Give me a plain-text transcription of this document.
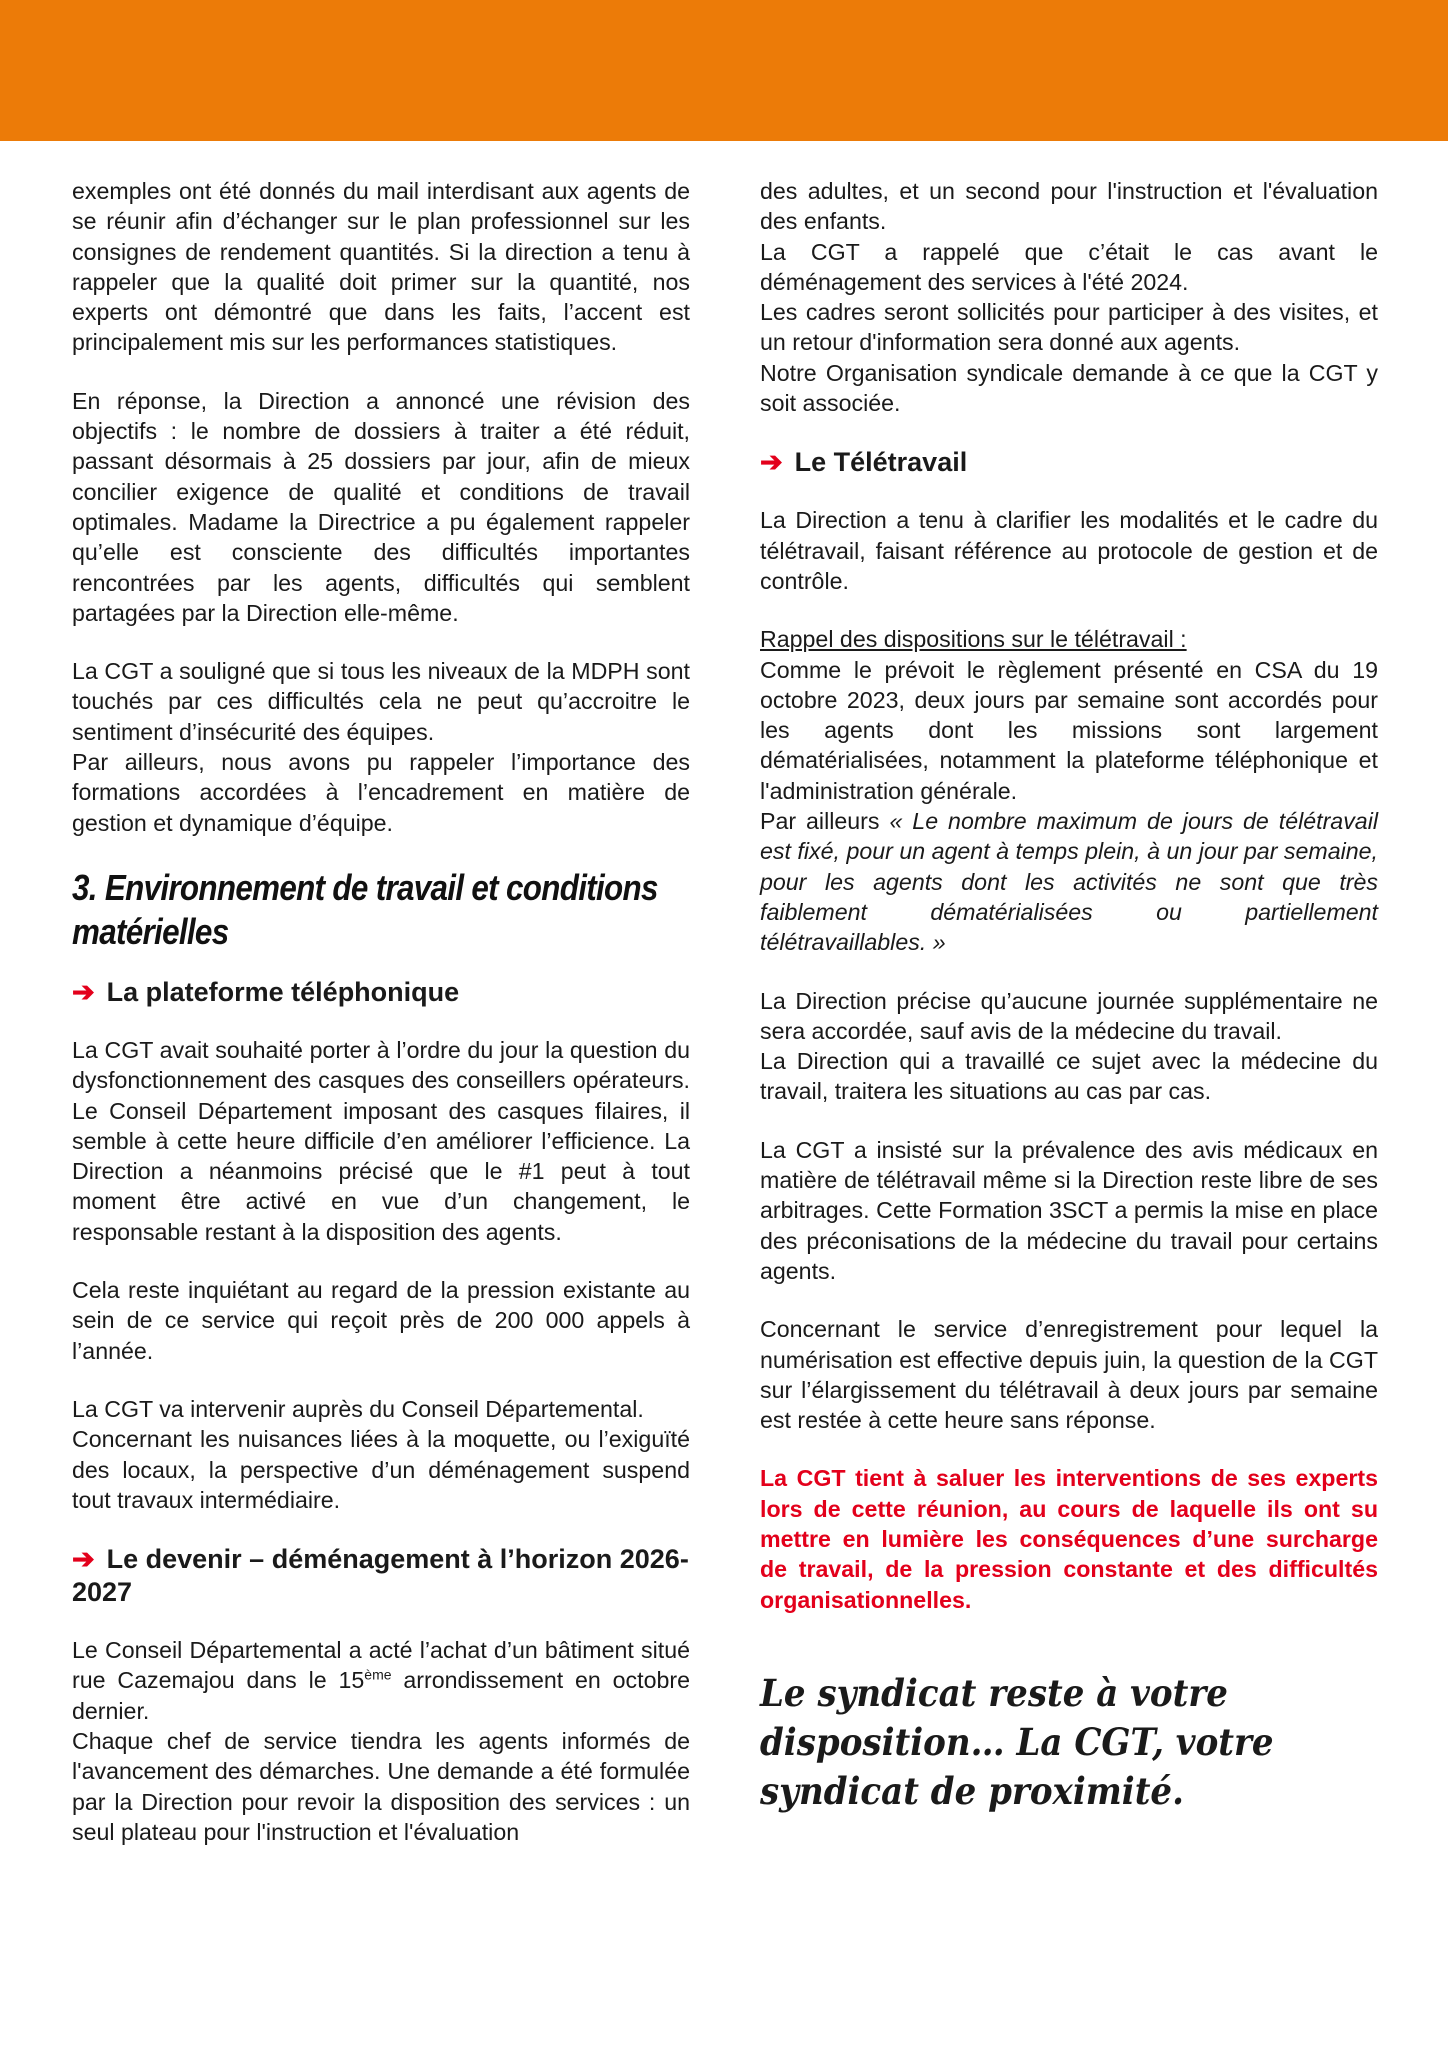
exemples ont été donnés du mail interdisant aux agents de se réunir afin d’échanger sur le plan professionnel sur les consignes de rendement quantités. Si la direction a tenu à rappeler que la qualité doit primer sur la quantité, nos experts ont démontré que dans les faits, l’accent est principalement mis sur les performances statistiques.

En réponse, la Direction a annoncé une révision des objectifs : le nombre de dossiers à traiter a été réduit, passant désormais à 25 dossiers par jour, afin de mieux concilier exigence de qualité et conditions de travail optimales. Madame la Directrice a pu également rappeler qu’elle est consciente des difficultés importantes rencontrées par les agents, difficultés qui semblent partagées par la Direction elle-même.

La CGT a souligné que si tous les niveaux de la MDPH sont touchés par ces difficultés cela ne peut qu’accroitre le sentiment d’insécurité des équipes.
Par ailleurs, nous avons pu rappeler l’importance des formations accordées à l’encadrement en matière de gestion et dynamique d’équipe.

3. Environnement de travail et conditions matérielles
➔ La plateforme téléphonique

La CGT avait souhaité porter à l’ordre du jour la question du dysfonctionnement des casques des conseillers opérateurs. Le Conseil Département imposant des casques filaires, il semble à cette heure difficile d’en améliorer l’efficience. La Direction a néanmoins précisé que le #1 peut à tout moment être activé en vue d’un changement, le responsable restant à la disposition des agents.

Cela reste inquiétant au regard de la pression existante au sein de ce service qui reçoit près de 200 000 appels à l’année.

La CGT va intervenir auprès du Conseil Départemental.
Concernant les nuisances liées à la moquette, ou l’exiguïté des locaux, la perspective d’un déménagement suspend tout travaux intermédiaire.

➔ Le devenir – déménagement à l’horizon 2026-2027

Le Conseil Départemental a acté l’achat d’un bâtiment situé rue Cazemajou dans le 15ème arrondissement en octobre dernier.

Chaque chef de service tiendra les agents informés de l'avancement des démarches. Une demande a été formulée par la Direction pour revoir la disposition des services : un seul plateau pour l'instruction et l'évaluation

des adultes, et un second pour l'instruction et l'évaluation des enfants.
La CGT a rappelé que c’était le cas avant le déménagement des services à l'été 2024.
Les cadres seront sollicités pour participer à des visites, et un retour d'information sera donné aux agents.
Notre Organisation syndicale demande à ce que la CGT y soit associée.

➔ Le Télétravail

La Direction a tenu à clarifier les modalités et le cadre du télétravail, faisant référence au protocole de gestion et de contrôle.

Rappel des dispositions sur le télétravail :
Comme le prévoit le règlement présenté en CSA du 19 octobre 2023, deux jours par semaine sont accordés pour les agents dont les missions sont largement dématérialisées, notamment la plateforme téléphonique et l'administration générale.
Par ailleurs « Le nombre maximum de jours de télétravail est fixé, pour un agent à temps plein, à un jour par semaine, pour les agents dont les activités ne sont que très faiblement dématérialisées ou partiellement télétravaillables. »

La Direction précise qu’aucune journée supplémentaire ne sera accordée, sauf avis de la médecine du travail.
La Direction qui a travaillé ce sujet avec la médecine du travail, traitera les situations au cas par cas.

La CGT a insisté sur la prévalence des avis médicaux en matière de télétravail même si la Direction reste libre de ses arbitrages. Cette Formation 3SCT a permis la mise en place des préconisations de la médecine du travail pour certains agents.

Concernant le service d’enregistrement pour lequel la numérisation est effective depuis juin, la question de la CGT sur l’élargissement du télétravail à deux jours par semaine est restée à cette heure sans réponse.

La CGT tient à saluer les interventions de ses experts lors de cette réunion, au cours de laquelle ils ont su mettre en lumière les conséquences d’une surcharge de travail, de la pression constante et des difficultés organisationnelles.

Le syndicat reste à votre disposition… La CGT, votre syndicat de proximité.
